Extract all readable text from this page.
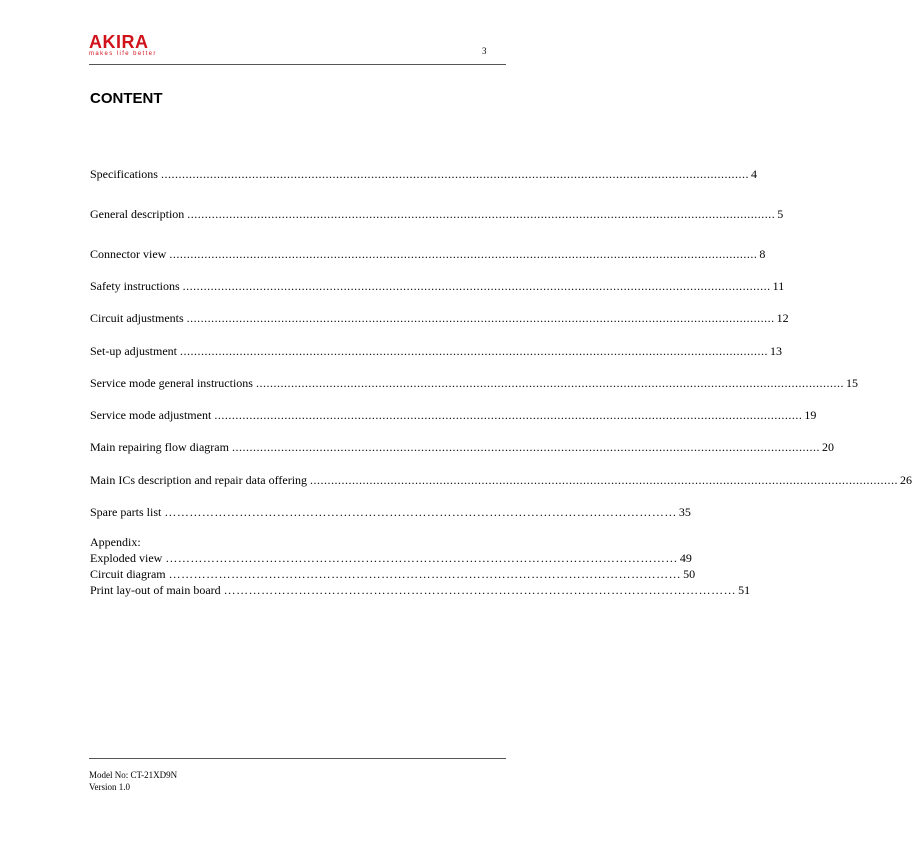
AKIRA
makes life better	3
CONTENT
Specifications ........................................................................................................................................................................ 4
General description ........................................................................................................................................................................ 5
Connector view ........................................................................................................................................................................ 8
Safety instructions ........................................................................................................................................................................ 11
Circuit adjustments ........................................................................................................................................................................ 12
Set-up adjustment ........................................................................................................................................................................ 13
Service mode general instructions ........................................................................................................................................................................ 15
Service mode adjustment ........................................................................................................................................................................ 19
Main repairing flow diagram ........................................................................................................................................................................ 20
Main ICs description and repair data offering ........................................................................................................................................................................ 26
Spare parts list …………………………………………………………………………………………………………… 35
Appendix:
Exploded view …………………………………………………………………………………………………………… 49
Circuit diagram …………………………………………………………………………………………………………… 50
Print lay-out of main board …………………………………………………………………………………………………………… 51
Model No: CT-21XD9N
Version 1.0
